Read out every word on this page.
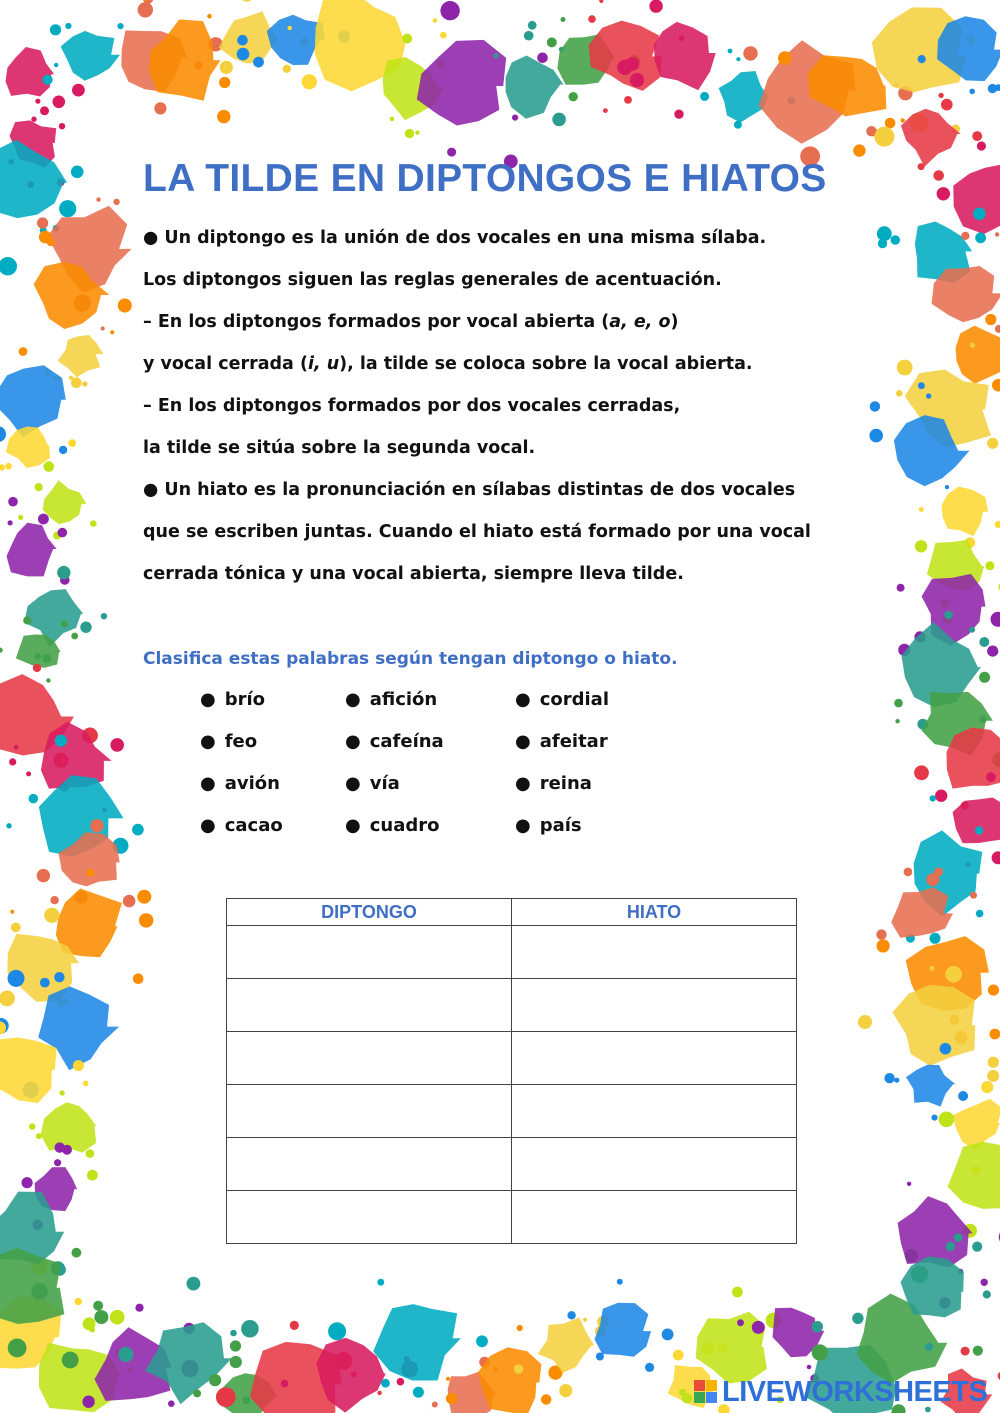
LA TILDE EN DIPTONGOS E HIATOS
● Un diptongo es la unión de dos vocales en una misma sílaba.
Los diptongos siguen las reglas generales de acentuación.
– En los diptongos formados por vocal abierta (a, e, o)
y vocal cerrada (i, u), la tilde se coloca sobre la vocal abierta.
– En los diptongos formados por dos vocales cerradas,
la tilde se sitúa sobre la segunda vocal.
● Un hiato es la pronunciación en sílabas distintas de dos vocales
que se escriben juntas. Cuando el hiato está formado por una vocal
cerrada tónica y una vocal abierta, siempre lleva tilde.
Clasifica estas palabras según tengan diptongo o hiato.
● brío	● afición	● cordial
● feo	● cafeína	● afeitar
● avión	● vía	● reina
● cacao	● cuadro	● país
DIPTONGO	HIATO

LIVEWORKSHEETS
